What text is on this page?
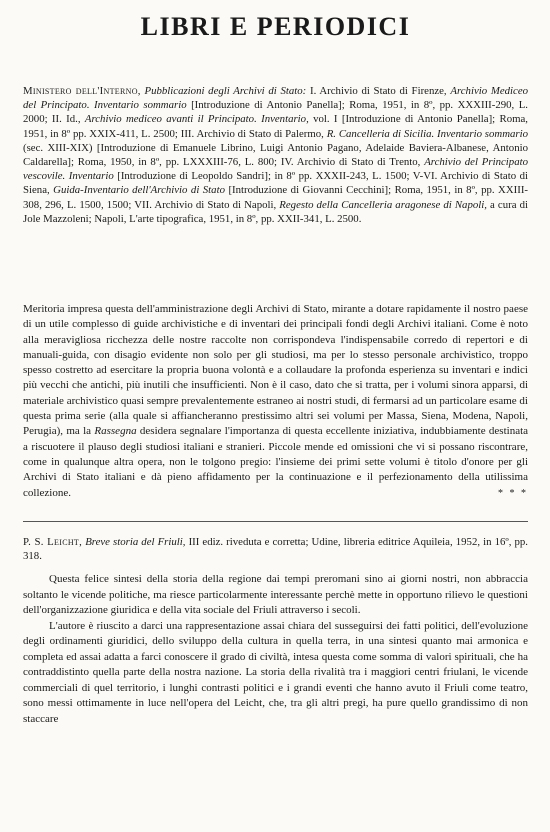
LIBRI E PERIODICI

Ministero dell'Interno, Pubblicazioni degli Archivi di Stato: I. Archivio di Stato di Firenze, Archivio Mediceo del Principato. Inventario sommario [Introduzione di Antonio Panella]; Roma, 1951, in 8º, pp. XXXIII-290, L. 2000; II. Id., Archivio mediceo avanti il Principato. Inventario, vol. I [Introduzione di Antonio Panella]; Roma, 1951, in 8º pp. XXIX-411, L. 2500; III. Archivio di Stato di Palermo, R. Cancelleria di Sicilia. Inventario sommario (sec. XIII-XIX) [Introduzione di Emanuele Librino, Luigi Antonio Pagano, Adelaide Baviera-Albanese, Antonio Caldarella]; Roma, 1950, in 8º, pp. LXXXIII-76, L. 800; IV. Archivio di Stato di Trento, Archivio del Principato vescovile. Inventario [Introduzione di Leopoldo Sandri]; in 8º pp. XXXII-243, L. 1500; V-VI. Archivio di Stato di Siena, Guida-Inventario dell'Archivio di Stato [Introduzione di Giovanni Cecchini]; Roma, 1951, in 8º, pp. XXIII-308, 296, L. 1500, 1500; VII. Archivio di Stato di Napoli, Regesto della Cancelleria aragonese di Napoli, a cura di Jole Mazzoleni; Napoli, L'arte tipografica, 1951, in 8º, pp. XXII-341, L. 2500.

Meritoria impresa questa dell'amministrazione degli Archivi di Stato, mirante a dotare rapidamente il nostro paese di un utile complesso di guide archivistiche e di inventari dei principali fondi degli Archivi italiani. Come è noto alla meravigliosa ricchezza delle nostre raccolte non corrispondeva l'indispensabile corredo di repertori e di manuali-guida, con disagio evidente non solo per gli studiosi, ma per lo stesso personale archivistico, troppo spesso costretto ad esercitare la propria buona volontà e a collaudare la profonda esperienza su inventari e indici più vecchi che antichi, più inutili che insufficienti. Non è il caso, dato che si tratta, per i volumi sinora apparsi, di materiale archivistico quasi sempre prevalentemente estraneo ai nostri studi, di fermarsi ad un particolare esame di questa prima serie (alla quale si affiancheranno prestissimo altri sei volumi per Massa, Siena, Modena, Napoli, Perugia), ma la Rassegna desidera segnalare l'importanza di questa eccellente iniziativa, indubbiamente destinata a riscuotere il plauso degli studiosi italiani e stranieri. Piccole mende ed omissioni che vi si possano riscontrare, come in qualunque altra opera, non le tolgono pregio: l'insieme dei primi sette volumi è titolo d'onore per gli Archivi di Stato italiani e dà pieno affidamento per la continuazione e il perfezionamento della utilissima collezione.	* * *

P. S. Leicht, Breve storia del Friuli, III ediz. riveduta e corretta; Udine, libreria editrice Aquileia, 1952, in 16º, pp. 318.

Questa felice sintesi della storia della regione dai tempi preromani sino ai giorni nostri, non abbraccia soltanto le vicende politiche, ma riesce particolarmente interessante perchè mette in opportuno rilievo le questioni dell'organizzazione giuridica e della vita sociale del Friuli attraverso i secoli.

L'autore è riuscito a darci una rappresentazione assai chiara del susseguirsi dei fatti politici, dell'evoluzione degli ordinamenti giuridici, dello sviluppo della cultura in quella terra, in una sintesi quanto mai armonica e completa ed assai adatta a farci conoscere il grado di civiltà, intesa questa come somma di valori spirituali, che ha contraddistinto quella parte della nostra nazione. La storia della rivalità tra i maggiori centri friulani, le vicende commerciali di quel territorio, i lunghi contrasti politici e i grandi eventi che hanno avuto il Friuli come teatro, sono messi ottimamente in luce nell'opera del Leicht, che, tra gli altri pregi, ha pure quello grandissimo di non staccare
